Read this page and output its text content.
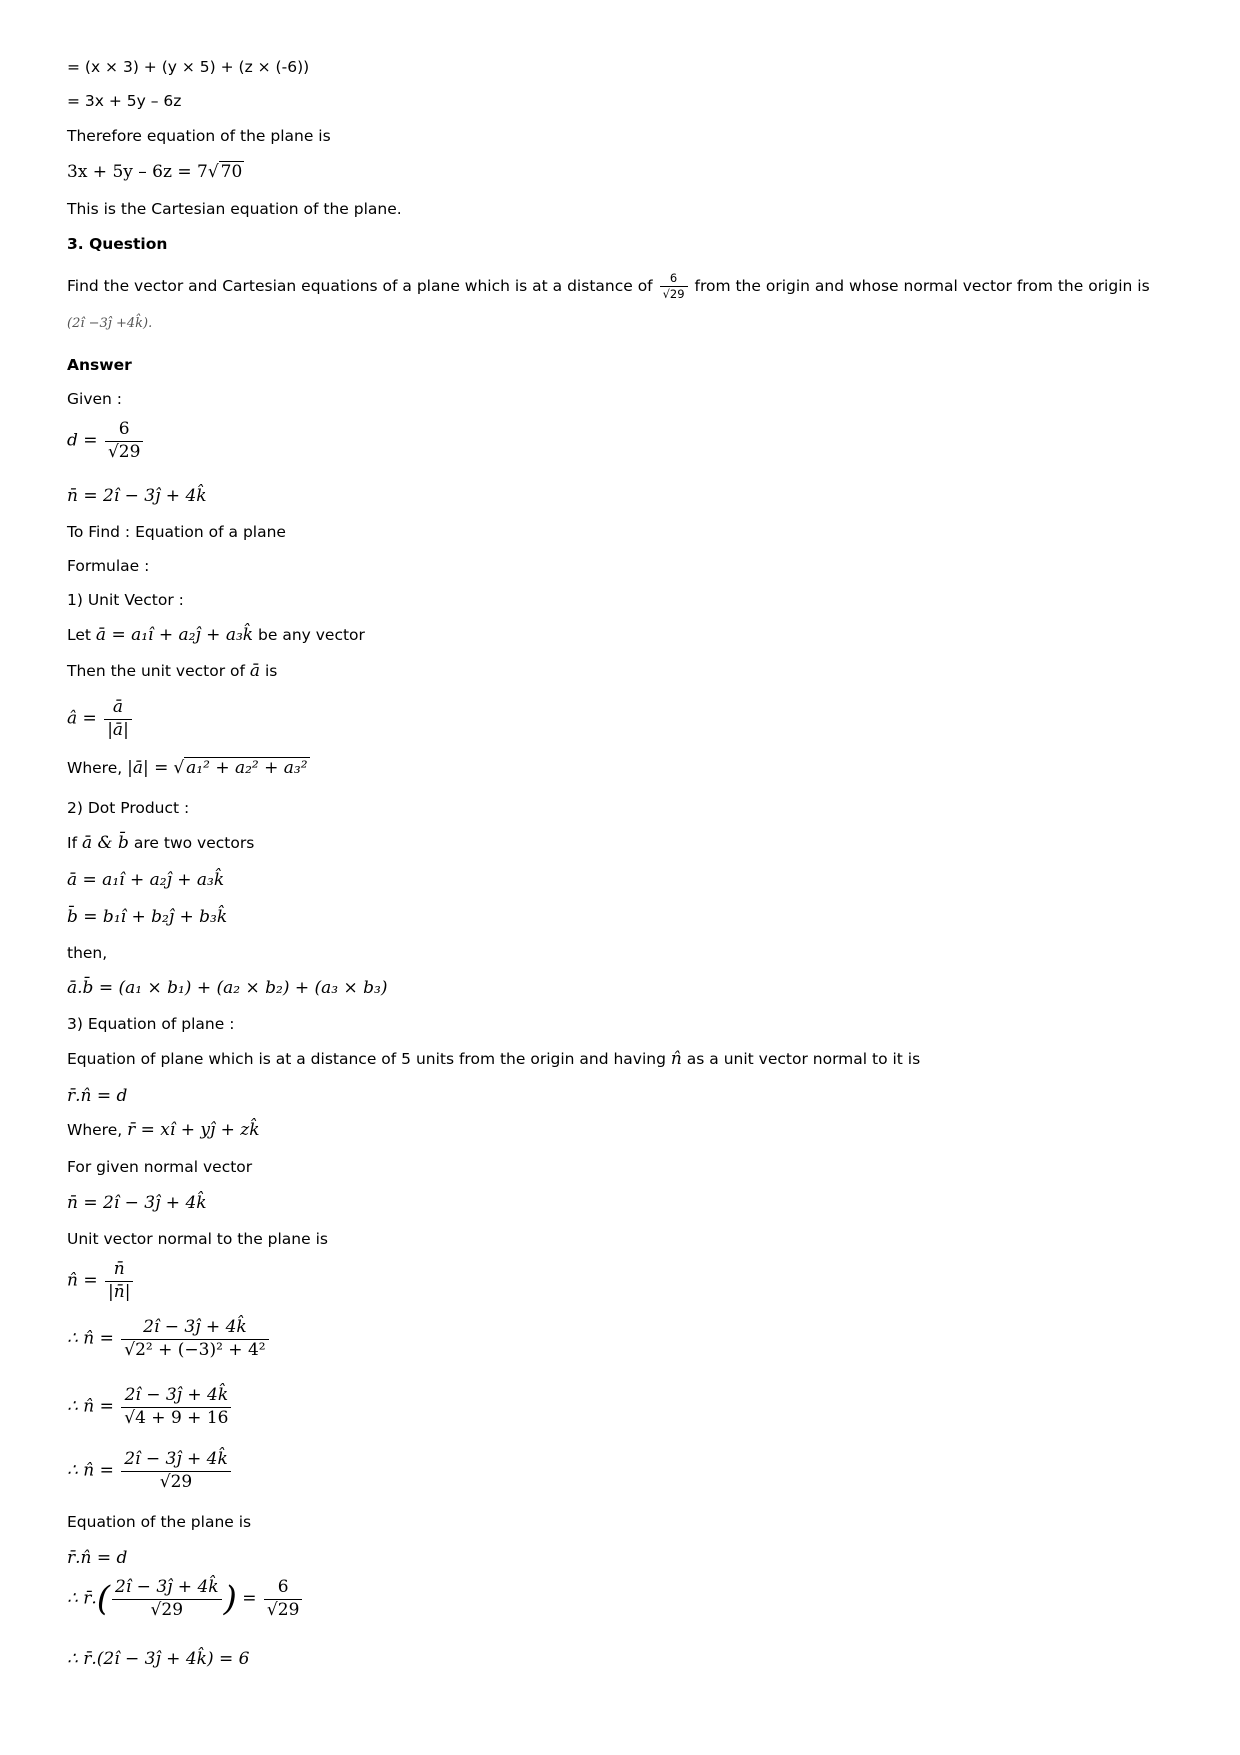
= (x × 3) + (y × 5) + (z × (-6))
= 3x + 5y – 6z
Therefore equation of the plane is
3x + 5y – 6z = 7√ 70
This is the Cartesian equation of the plane.
3. Question
Find the vector and Cartesian equations of a plane which is at a distance of $\frac{6}{√29}$ from the origin and whose normal vector from the origin is
(2î −3ĵ +4k̂).
Answer
Given :
$d = \frac{6}{√29}$
n̄ = 2î − 3ĵ + 4k̂
To Find : Equation of a plane
Formulae :
1) Unit Vector :
Let ā = a₁î + a₂ĵ + a₃k̂ be any vector
Then the unit vector of ā is
â = $\frac{ā}{|ā|}$
Where, |ā| = √ a₁² + a₂² + a₃²
2) Dot Product :
If ā & b̄ are two vectors
ā = a₁î + a₂ĵ + a₃k̂
b̄ = b₁î + b₂ĵ + b₃k̂
then,
ā.b̄ = (a₁ × b₁) + (a₂ × b₂) + (a₃ × b₃)
3) Equation of plane :
Equation of plane which is at a distance of 5 units from the origin and having n̂ as a unit vector normal to it is
r̄.n̂ = d
Where, r̄ = xî + yĵ + zk̂
For given normal vector
n̄ = 2î − 3ĵ + 4k̂
Unit vector normal to the plane is
n̂ = $\frac{n̄}{|n̄|}$
∴ n̂ = $\frac{2î - 3ĵ + 4k̂}{\text{√2² + (−3)² + 4²}}$
∴ n̂ = $\frac{2î - 3ĵ + 4k̂}{√4 + 9 + 16}$
∴ n̂ = $\frac{2î - 3ĵ + 4k̂}{√29}$
Equation of the plane is
r̄.n̂ = d
∴ r̄.( $\frac{2î - 3ĵ + 4k̂}{√29}$ ) = $\frac{6}{√29}$
∴ r̄.(2î − 3ĵ + 4k̂) = 6
